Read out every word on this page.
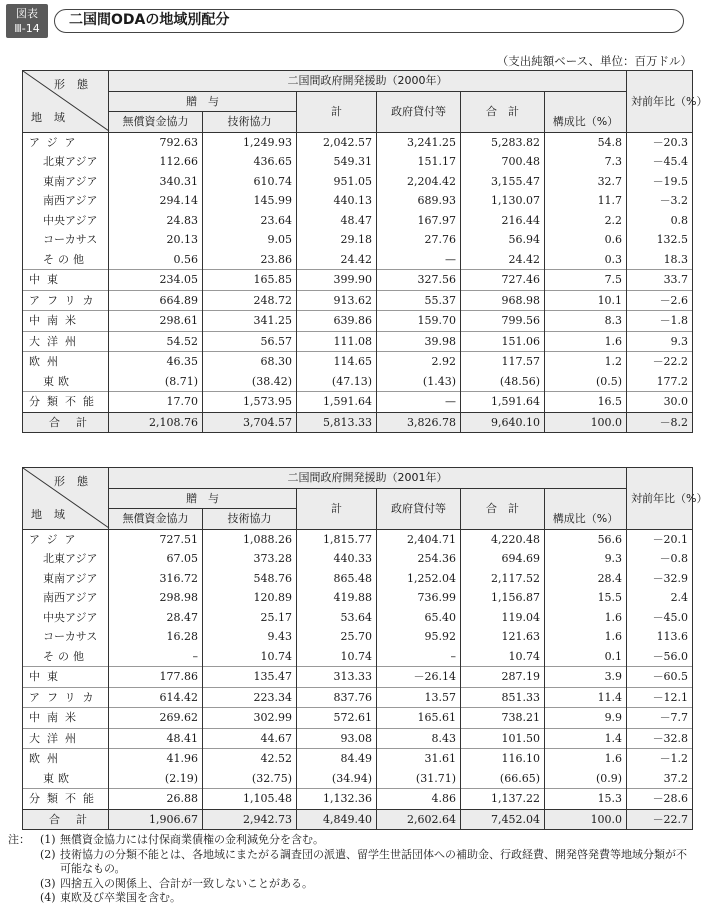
図表
Ⅲ-14
二国間ODAの地域別配分
（支出純額ベース、単位：百万ドル）
形態
地域	二国間政府開発援助（2000年）						対前年比（%）
	贈　与		計	政府貸付等	合　計	構成比（%）	
	無償資金協力	技術協力					
アジア	792.63	1,249.93	2,042.57	3,241.25	5,283.82	54.8	－20.3
北東アジア	112.66	436.65	549.31	151.17	700.48	7.3	－45.4
東南アジア	340.31	610.74	951.05	2,204.42	3,155.47	32.7	－19.5
南西アジア	294.14	145.99	440.13	689.93	1,130.07	11.7	－3.2
中央アジア	24.83	23.64	48.47	167.97	216.44	2.2	0.8
コーカサス	20.13	9.05	29.18	27.76	56.94	0.6	132.5
その他	0.56	23.86	24.42	—	24.42	0.3	18.3
中東	234.05	165.85	399.90	327.56	727.46	7.5	33.7
アフリカ	664.89	248.72	913.62	55.37	968.98	10.1	－2.6
中南米	298.61	341.25	639.86	159.70	799.56	8.3	－1.8
大洋州	54.52	56.57	111.08	39.98	151.06	1.6	9.3
欧州	46.35	68.30	114.65	2.92	117.57	1.2	－22.2
東欧	(8.71)	(38.42)	(47.13)	(1.43)	(48.56)	(0.5)	177.2
分類不能	17.70	1,573.95	1,591.64	—	1,591.64	16.5	30.0
合計	2,108.76	3,704.57	5,813.33	3,826.78	9,640.10	100.0	－8.2
形態
地域	二国間政府開発援助（2001年）						対前年比（%）
	贈　与		計	政府貸付等	合　計	構成比（%）	
	無償資金協力	技術協力					
アジア	727.51	1,088.26	1,815.77	2,404.71	4,220.48	56.6	－20.1
北東アジア	67.05	373.28	440.33	254.36	694.69	9.3	－0.8
東南アジア	316.72	548.76	865.48	1,252.04	2,117.52	28.4	－32.9
南西アジア	298.98	120.89	419.88	736.99	1,156.87	15.5	2.4
中央アジア	28.47	25.17	53.64	65.40	119.04	1.6	－45.0
コーカサス	16.28	9.43	25.70	95.92	121.63	1.6	113.6
その他	–	10.74	10.74	–	10.74	0.1	－56.0
中東	177.86	135.47	313.33	－26.14	287.19	3.9	－60.5
アフリカ	614.42	223.34	837.76	13.57	851.33	11.4	－12.1
中南米	269.62	302.99	572.61	165.61	738.21	9.9	－7.7
大洋州	48.41	44.67	93.08	8.43	101.50	1.4	－32.8
欧州	41.96	42.52	84.49	31.61	116.10	1.6	－1.2
東欧	(2.19)	(32.75)	(34.94)	(31.71)	(66.65)	(0.9)	37.2
分類不能	26.88	1,105.48	1,132.36	4.86	1,137.22	15.3	－28.6
合計	1,906.67	2,942.73	4,849.40	2,602.64	7,452.04	100.0	－22.7
注： (1) 無償資金協力には付保商業債権の金利減免分を含む。
(2) 技術協力の分類不能とは、各地域にまたがる調査団の派遣、留学生世話団体への補助金、行政経費、開発啓発費等地域分類が不可能なもの。
(3) 四捨五入の関係上、合計が一致しないことがある。
(4) 東欧及び卒業国を含む。
